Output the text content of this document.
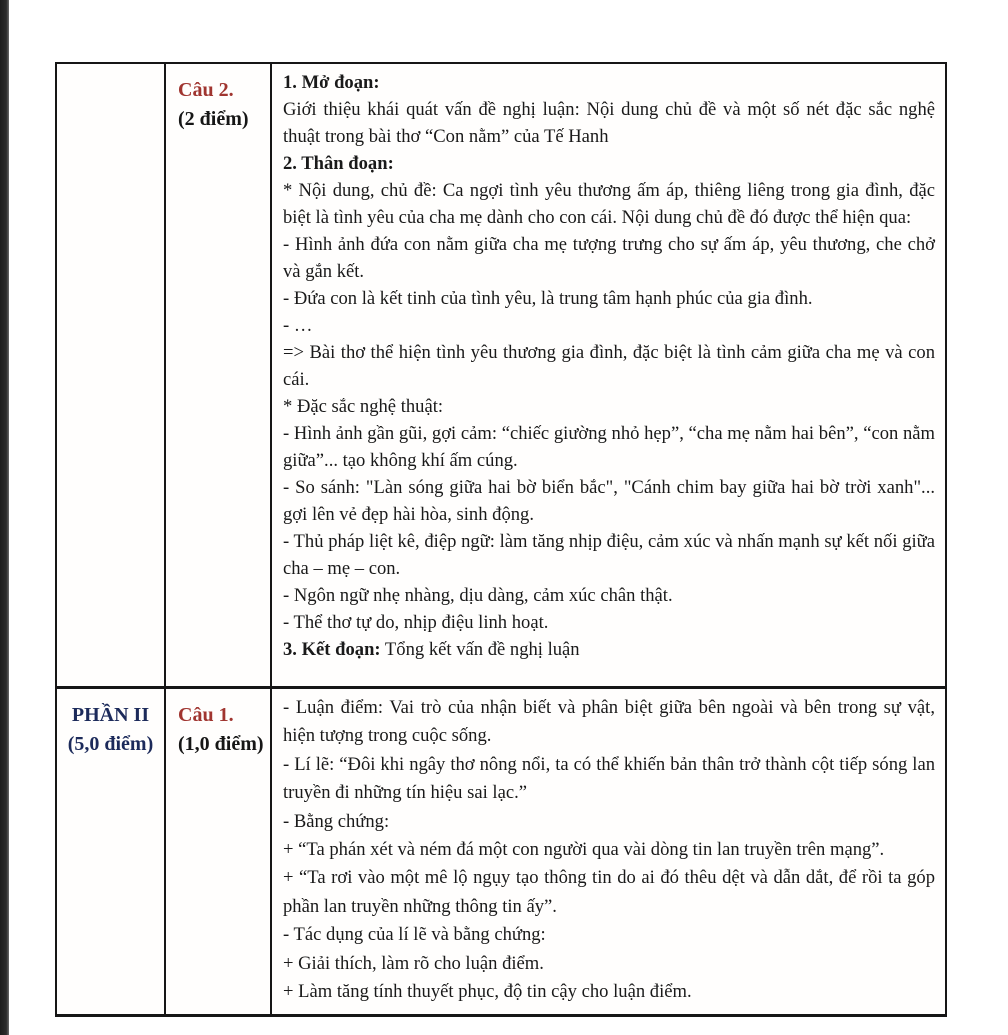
Câu 2.
(2 điểm)

1. Mở đoạn:

Giới thiệu khái quát vấn đề nghị luận: Nội dung chủ đề và một số nét đặc sắc nghệ thuật trong bài thơ “Con nằm” của Tế Hanh

2. Thân đoạn:

* Nội dung, chủ đề: Ca ngợi tình yêu thương ấm áp, thiêng liêng trong gia đình, đặc biệt là tình yêu của cha mẹ dành cho con cái. Nội dung chủ đề đó được thể hiện qua:

- Hình ảnh đứa con nằm giữa cha mẹ tượng trưng cho sự ấm áp, yêu thương, che chở và gắn kết.

- Đứa con là kết tinh của tình yêu, là trung tâm hạnh phúc của gia đình.

- …

=> Bài thơ thể hiện tình yêu thương gia đình, đặc biệt là tình cảm giữa cha mẹ và con cái.

* Đặc sắc nghệ thuật:

- Hình ảnh gần gũi, gợi cảm: “chiếc giường nhỏ hẹp”, “cha mẹ nằm hai bên”, “con nằm giữa”... tạo không khí ấm cúng.

- So sánh: "Làn sóng giữa hai bờ biển bắc", "Cánh chim bay giữa hai bờ trời xanh"... gợi lên vẻ đẹp hài hòa, sinh động.

- Thủ pháp liệt kê, điệp ngữ: làm tăng nhịp điệu, cảm xúc và nhấn mạnh sự kết nối giữa cha – mẹ – con.

- Ngôn ngữ nhẹ nhàng, dịu dàng, cảm xúc chân thật.

- Thể thơ tự do, nhịp điệu linh hoạt.

3. Kết đoạn: Tổng kết vấn đề nghị luận

PHẦN II
(5,0 điểm)
Câu 1.
(1,0 điểm)

- Luận điểm: Vai trò của nhận biết và phân biệt giữa bên ngoài và bên trong sự vật, hiện tượng trong cuộc sống.

- Lí lẽ: “Đôi khi ngây thơ nông nổi, ta có thể khiến bản thân trở thành cột tiếp sóng lan truyền đi những tín hiệu sai lạc.”

- Bằng chứng:

+ “Ta phán xét và ném đá một con người qua vài dòng tin lan truyền trên mạng”.

+ “Ta rơi vào một mê lộ ngụy tạo thông tin do ai đó thêu dệt và dẫn dắt, để rồi ta góp phần lan truyền những thông tin ấy”.

- Tác dụng của lí lẽ và bằng chứng:

+ Giải thích, làm rõ cho luận điểm.

+ Làm tăng tính thuyết phục, độ tin cậy cho luận điểm.
